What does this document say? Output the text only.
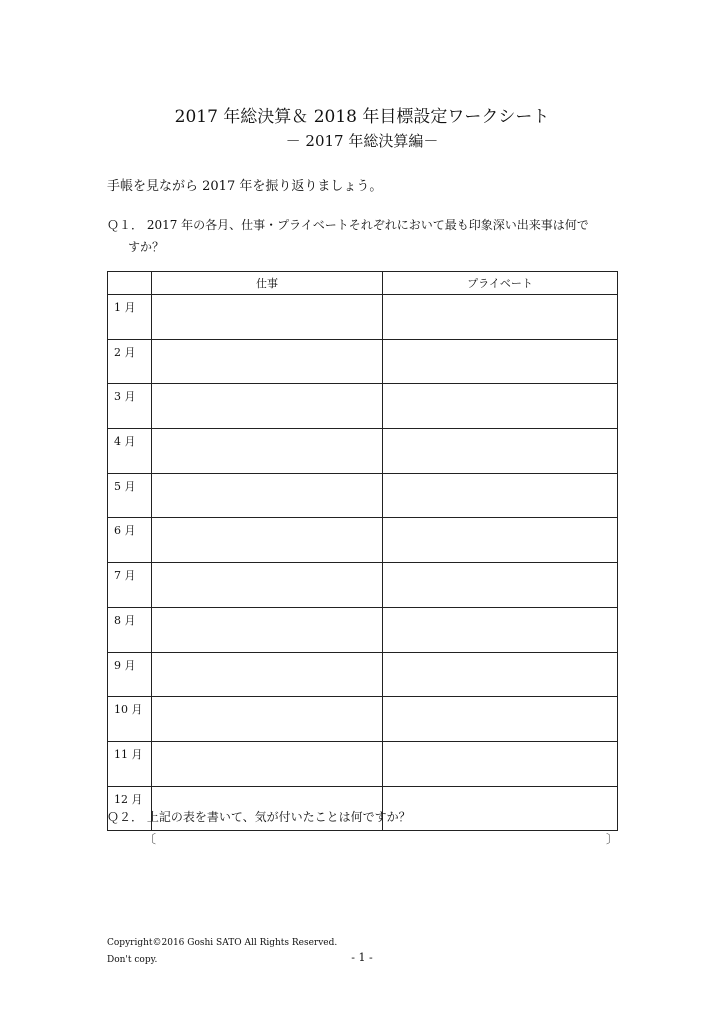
2017 年総決算＆ 2018 年目標設定ワークシート
－ 2017 年総決算編－
手帳を見ながら 2017 年を振り返りましょう。
Ｑ１． 2017 年の各月、仕事・プライベートそれぞれにおいて最も印象深い出来事は何で
すか？
	仕事	プライベート
1 月		
2 月		
3 月		
4 月		
5 月		
6 月		
7 月		
8 月		
9 月		
10 月		
11 月		
12 月		
Ｑ２． 上記の表を書いて、気が付いたことは何ですか？
〔	〕
Copyright©2016 Goshi SATO All Rights Reserved.
Don't copy.	- 1 -
